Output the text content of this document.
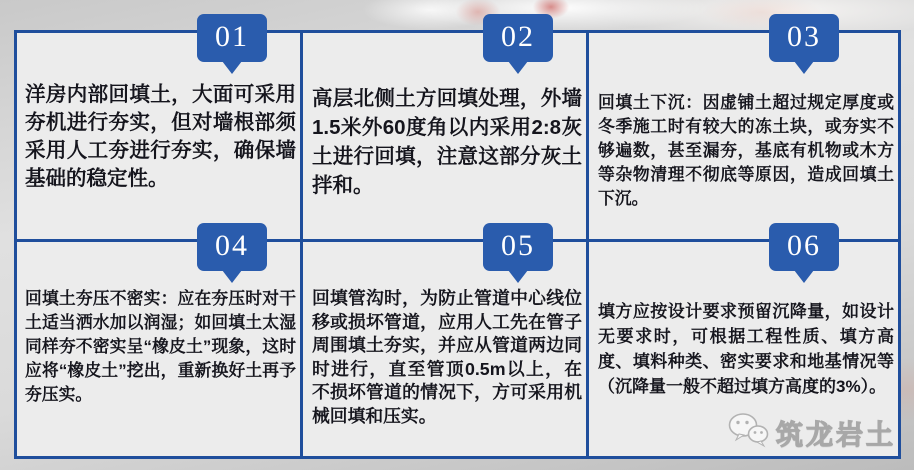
01
洋房内部回填土，大面可采用夯机进行夯实，但对墙根部须采用人工夯进行夯实，确保墙基础的稳定性。
02
高层北侧土方回填处理，外墙1.5米外60度角以内采用2:8灰土进行回填，注意这部分灰土拌和。
03
回填土下沉：因虚铺土超过规定厚度或冬季施工时有较大的冻土块，或夯实不够遍数，甚至漏夯，基底有机物或木方等杂物清理不彻底等原因，造成回填土下沉。
04
回填土夯压不密实：应在夯压时对干土适当洒水加以润湿；如回填土太湿同样夯不密实呈“橡皮土”现象，这时应将“橡皮土”挖出，重新换好土再予夯压实。
05
回填管沟时，为防止管道中心线位移或损坏管道，应用人工先在管子周围填土夯实，并应从管道两边同时进行，直至管顶0.5m以上，在不损坏管道的情况下，方可采用机械回填和压实。
06
填方应按设计要求预留沉降量，如设计无要求时，可根据工程性质、填方高度、填料种类、密实要求和地基情况等（沉降量一般不超过填方高度的3%）。
筑龙岩土
